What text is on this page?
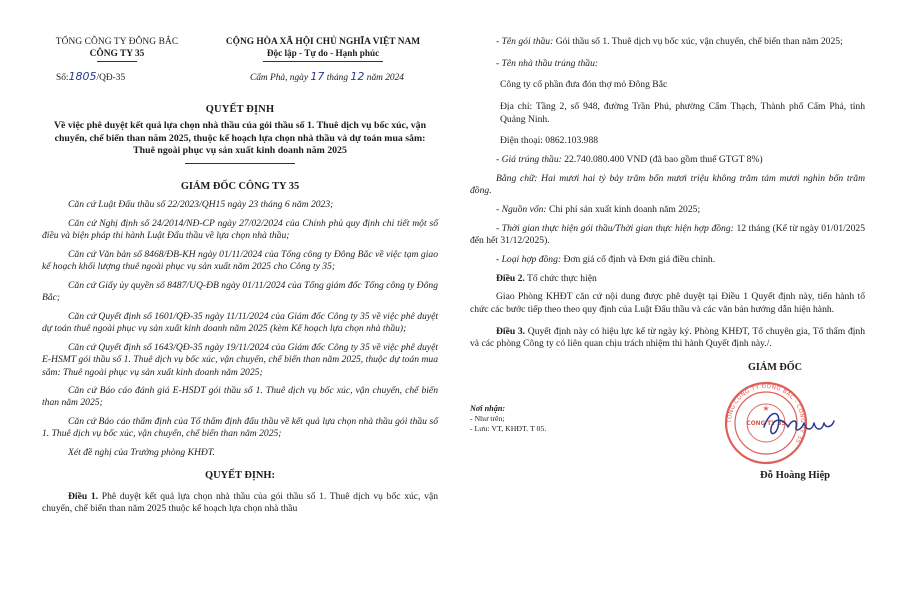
TỔNG CÔNG TY ĐÔNG BẮC
CÔNG TY 35
CỘNG HÒA XÃ HỘI CHỦ NGHĨA VIỆT NAM
Độc lập - Tự do - Hạnh phúc
Số:1805/QĐ-35	Cẩm Phả, ngày 17 tháng 12 năm 2024
QUYẾT ĐỊNH
Về việc phê duyệt kết quả lựa chọn nhà thầu của gói thầu số 1. Thuê dịch vụ bốc xúc, vận chuyển, chế biến than năm 2025, thuộc kế hoạch lựa chọn nhà thầu và dự toán mua sắm: Thuê ngoài phục vụ sản xuất kinh doanh năm 2025
GIÁM ĐỐC CÔNG TY 35

Căn cứ Luật Đấu thầu số 22/2023/QH15 ngày 23 tháng 6 năm 2023;

Căn cứ Nghị định số 24/2014/NĐ-CP ngày 27/02/2024 của Chính phủ quy định chi tiết một số điều và biện pháp thi hành Luật Đấu thầu về lựa chọn nhà thầu;

Căn cứ Văn bản số 8468/ĐB-KH ngày 01/11/2024 của Tổng công ty Đông Bắc về việc tạm giao kế hoạch khối lượng thuê ngoài phục vụ sản xuất năm 2025 cho Công ty 35;

Căn cứ Giấy ủy quyền số 8487/UQ-ĐB ngày 01/11/2024 của Tổng giám đốc Tổng công ty Đông Bắc;

Căn cứ Quyết định số 1601/QĐ-35 ngày 11/11/2024 của Giám đốc Công ty 35 về việc phê duyệt dự toán thuê ngoài phục vụ sản xuất kinh doanh năm 2025 (kèm Kế hoạch lựa chọn nhà thầu);

Căn cứ Quyết định số 1643/QĐ-35 ngày 19/11/2024 của Giám đốc Công ty 35 về việc phê duyệt E-HSMT gói thầu số 1. Thuê dịch vụ bốc xúc, vận chuyển, chế biến than năm 2025, thuộc dự toán mua sắm: Thuê ngoài phục vụ sản xuất kinh doanh năm 2025;

Căn cứ Báo cáo đánh giá E-HSDT gói thầu số 1. Thuê dịch vụ bốc xúc, vận chuyển, chế biến than năm 2025;

Căn cứ Báo cáo thẩm định của Tổ thẩm định đấu thầu về kết quả lựa chọn nhà thầu gói thầu số 1. Thuê dịch vụ bốc xúc, vận chuyển, chế biến than năm 2025;

Xét đề nghị của Trưởng phòng KHĐT.

QUYẾT ĐỊNH:

Điều 1. Phê duyệt kết quả lựa chọn nhà thầu của gói thầu số 1. Thuê dịch vụ bốc xúc, vận chuyển, chế biến than năm 2025 thuộc kế hoạch lựa chọn nhà thầu

- Tên gói thầu: Gói thầu số 1. Thuê dịch vụ bốc xúc, vận chuyển, chế biến than năm 2025;

- Tên nhà thầu trúng thầu:

Công ty cổ phần đưa đón thợ mỏ Đông Bắc

Địa chỉ: Tầng 2, số 948, đường Trần Phú, phường Cẩm Thạch, Thành phố Cẩm Phả, tỉnh Quảng Ninh.

Điện thoại: 0862.103.988

- Giá trúng thầu: 22.740.080.400 VND (đã bao gồm thuế GTGT 8%)

Bằng chữ: Hai mươi hai tỷ bảy trăm bốn mươi triệu không trăm tám mươi nghìn bốn trăm đồng.

- Nguồn vốn: Chi phí sản xuất kinh doanh năm 2025;

- Thời gian thực hiện gói thầu/Thời gian thực hiện hợp đồng: 12 tháng (Kể từ ngày 01/01/2025 đến hết 31/12/2025).

- Loại hợp đồng: Đơn giá cố định và Đơn giá điều chỉnh.

Điều 2. Tổ chức thực hiện

Giao Phòng KHĐT căn cứ nội dung được phê duyệt tại Điều 1 Quyết định này, tiến hành tổ chức các bước tiếp theo theo quy định của Luật Đấu thầu và các văn bản hướng dẫn hiện hành.

Điều 3. Quyết định này có hiệu lực kể từ ngày ký. Phòng KHĐT, Tổ chuyên gia, Tổ thẩm định và các phòng Công ty có liên quan chịu trách nhiệm thi hành Quyết định này./.

Nơi nhận:
- Như trên;
- Lưu: VT, KHĐT. T 05.
GIÁM ĐỐC
TỔNG CÔNG TY ĐÔNG BẮC - CÔNG TY 35
CÔNG TY 35
★
Đỗ Hoàng Hiệp
